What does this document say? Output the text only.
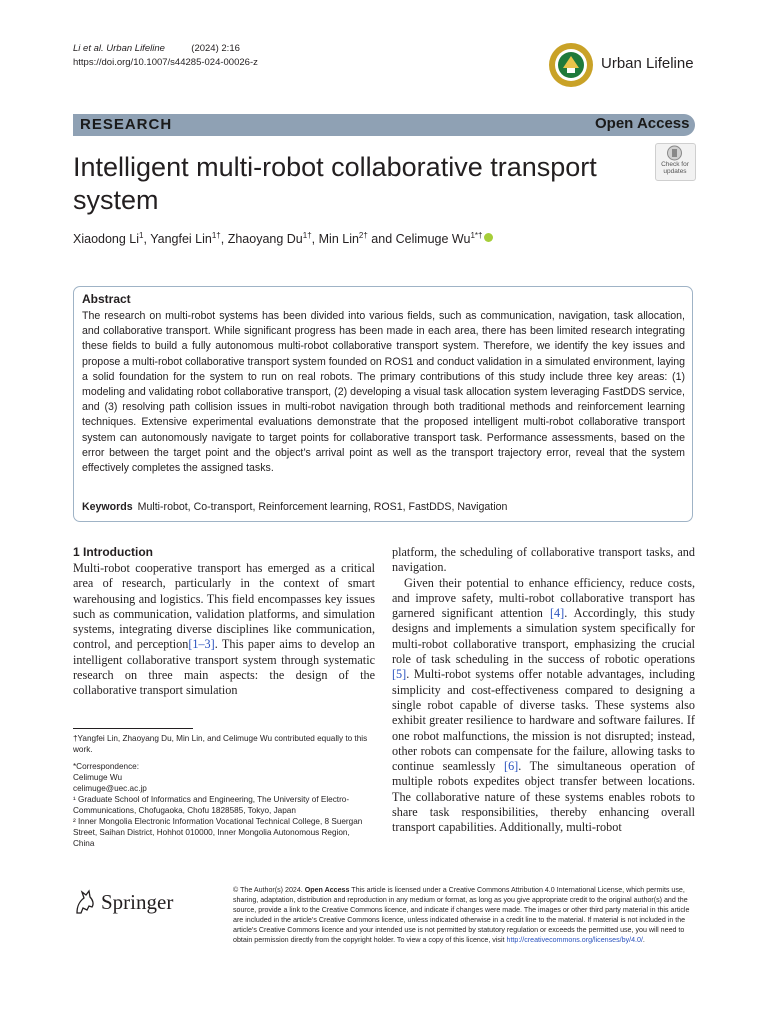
Li et al. Urban Lifeline	(2024) 2:16
https://doi.org/10.1007/s44285-024-00026-z	Urban Lifeline
RESEARCH	Open Access
Intelligent multi-robot collaborative transport system
Check for
updates
Xiaodong Li$^1$, Yangfei Lin$^{1\dagger}$, Zhaoyang $Du^{1\dagger}$, Min Lin$^{2\dagger}$ and Celimuge $Wu^{1*\dagger}$
Abstract
The research on multi-robot systems has been divided into various fields, such as communication, navigation, task allocation, and collaborative transport. While significant progress has been made in each area, there has been limited research integrating these fields to build a fully autonomous multi-robot collaborative transport system. Therefore, we identify the key issues and propose a multi-robot collaborative transport system founded on ROS1 and conduct validation in a simulated environment, laying a solid foundation for the system to run on real robots. The primary contributions of this study include three key areas: (1) modeling and validating robot collaborative transport, (2) developing a visual task allocation system leveraging FastDDS service, and (3) resolving path collision issues in multi-robot navigation through both traditional methods and reinforcement learning techniques. Extensive experimental evaluations demonstrate that the proposed intelligent multi-robot collaborative transport system can autonomously navigate to target points for collaborative transport task. Performance assessments, based on the error between the target point and the object’s arrival point as well as the transport trajectory error, reveal that the system effectively completes the assigned tasks.
Keywords Multi-robot, Co-transport, Reinforcement learning, ROS1, FastDDS, Navigation
1 Introduction

Multi-robot cooperative transport has emerged as a critical area of research, particularly in the context of smart warehousing and logistics. This field encompasses key issues such as communication, validation platforms, and simulation systems, integrating diverse disciplines like communication, control, and perception[1–3]. This paper aims to develop an intelligent collaborative transport system through systematic research on three main aspects: the design of the collaborative transport simulation

platform, the scheduling of collaborative transport tasks, and navigation.

Given their potential to enhance efficiency, reduce costs, and improve safety, multi-robot collaborative transport has garnered significant attention [4]. Accordingly, this study designs and implements a simulation system specifically for multi-robot collaborative transport, emphasizing the crucial role of task scheduling in the success of robotic operations [5]. Multi-robot systems offer notable advantages, including simplicity and cost-effectiveness compared to designing a single robot capable of diverse tasks. These systems also exhibit greater resilience to hardware and software failures. If one robot malfunctions, the mission is not disrupted; instead, other robots can compensate for the failure, allowing tasks to continue seamlessly [6]. The simultaneous operation of multiple robots expedites object transfer between locations. The collaborative nature of these systems enables robots to share task responsibilities, thereby enhancing overall transport capabilities. Additionally, multi-robot

†Yangfei Lin, Zhaoyang Du, Min Lin, and Celimuge Wu contributed equally to this work.
*Correspondence:
Celimuge Wu
celimuge@uec.ac.jp
¹ Graduate School of Informatics and Engineering, The University of Electro-Communications, Chofugaoka, Chofu 1828585, Tokyo, Japan
² Inner Mongolia Electronic Information Vocational Technical College, 8 Suergan Street, Saihan District, Hohhot 010000, Inner Mongolia Autonomous Region, China
Springer	© The Author(s) 2024. Open Access This article is licensed under a Creative Commons Attribution 4.0 International License, which permits use, sharing, adaptation, distribution and reproduction in any medium or format, as long as you give appropriate credit to the original author(s) and the source, provide a link to the Creative Commons licence, and indicate if changes were made. The images or other third party material in this article are included in the article’s Creative Commons licence, unless indicated otherwise in a credit line to the material. If material is not included in the article’s Creative Commons licence and your intended use is not permitted by statutory regulation or exceeds the permitted use, you will need to obtain permission directly from the copyright holder. To view a copy of this licence, visit http://creativecommons.org/licenses/by/4.0/.
